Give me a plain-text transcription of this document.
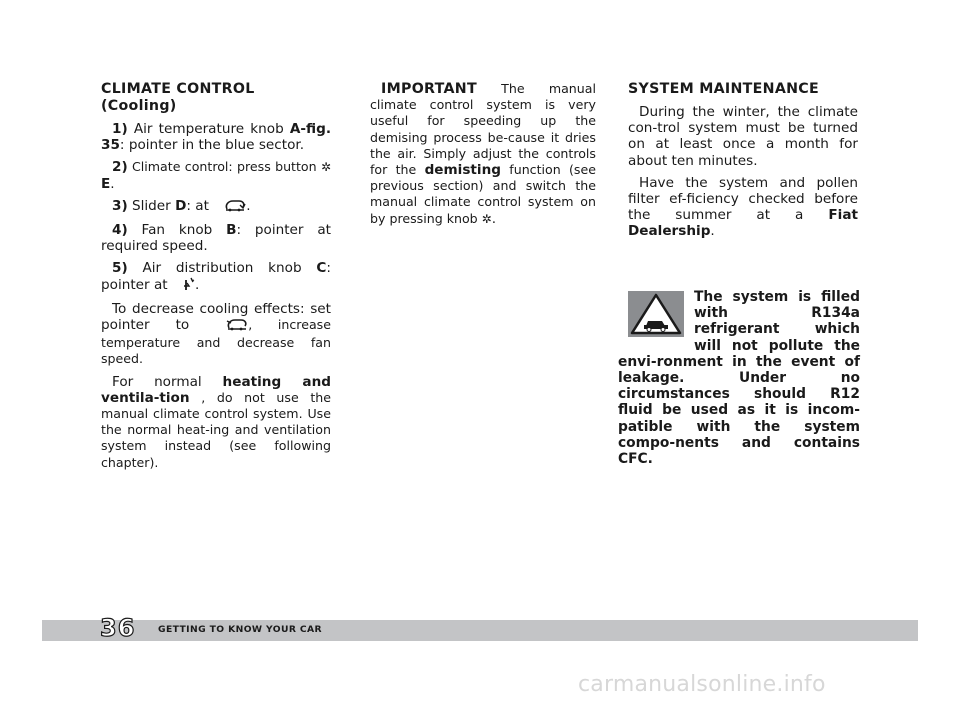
CLIMATE CONTROL
(Cooling)

1) Air temperature knob A-fig. 35: pointer in the blue sector.

2) Climate control: press button ✲ E.

3) Slider D: at .

4) Fan knob B: pointer at required speed.

5) Air distribution knob C: pointer at .

To decrease cooling effects: set pointer to	, increase temperature and decrease fan speed.

For normal heating and ventila-tion , do not use the manual climate control system. Use the normal heat-ing and ventilation system instead (see following chapter).

IMPORTANT The manual climate control system is very useful for speeding up the demising process be-cause it dries the air. Simply adjust the controls for the demisting function (see previous section) and switch the manual climate control system on by pressing knob ✲.

SYSTEM MAINTENANCE

During the winter, the climate con-trol system must be turned on at least once a month for about ten minutes.

Have the system and pollen filter ef-ficiency checked before the summer at a Fiat Dealership.

The system is filled with R134a refrigerant which will not pollute the envi-ronment in the event of leakage. Under no circumstances should R12 fluid be used as it is incom-patible with the system compo-nents and contains CFC.
36 GETTING TO KNOW YOUR CAR
carmanualsonline.info
